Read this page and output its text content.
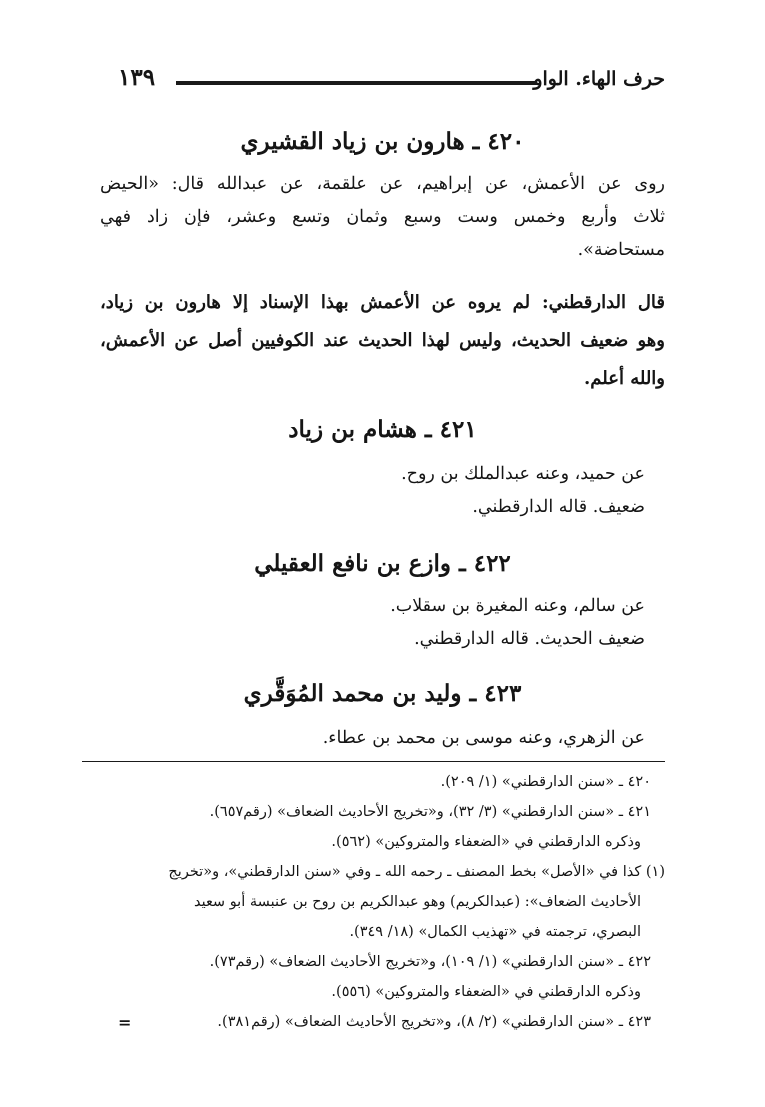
حرف الهاء. الواو
١٣٩
٤٢٠ ـ هارون بن زياد القشيري
روى عن الأعمش، عن إبراهيم، عن علقمة، عن عبدالله قال: «الحيض
ثلاث وأربع وخمس وست وسبع وثمان وتسع وعشر، فإن زاد فهي
مستحاضة».
قال الدارقطني: لم يروه عن الأعمش بهذا الإسناد إلا هارون بن زياد،
وهو ضعيف الحديث، وليس لهذا الحديث عند الكوفيين أصل عن الأعمش،
والله أعلم.
٤٢١ ـ هشام بن زياد
عن حميد، وعنه عبدالملك بن روح.
ضعيف. قاله الدارقطني.
٤٢٢ ـ وازع بن نافع العقيلي
عن سالم، وعنه المغيرة بن سقلاب.
ضعيف الحديث. قاله الدارقطني.
٤٢٣ ـ وليد بن محمد المُوَقَّري
عن الزهري، وعنه موسى بن محمد بن عطاء.
٤٢٠ ـ «سنن الدارقطني» (١/ ٢٠٩).
٤٢١ ـ «سنن الدارقطني» (٣/ ٣٢)، و«تخريج الأحاديث الضعاف» (رقم٦٥٧).
وذكره الدارقطني في «الضعفاء والمتروكين» (٥٦٢).
(١) كذا في «الأصل» بخط المصنف ـ رحمه الله ـ وفي «سنن الدارقطني»، و«تخريج
الأحاديث الضعاف»: (عبدالكريم) وهو عبدالكريم بن روح بن عنبسة أبو سعيد
البصري، ترجمته في «تهذيب الكمال» (١٨/ ٣٤٩).
٤٢٢ ـ «سنن الدارقطني» (١/ ١٠٩)، و«تخريج الأحاديث الضعاف» (رقم٧٣).
وذكره الدارقطني في «الضعفاء والمتروكين» (٥٥٦).
٤٢٣ ـ «سنن الدارقطني» (٢/ ٨)، و«تخريج الأحاديث الضعاف» (رقم٣٨١).
=
